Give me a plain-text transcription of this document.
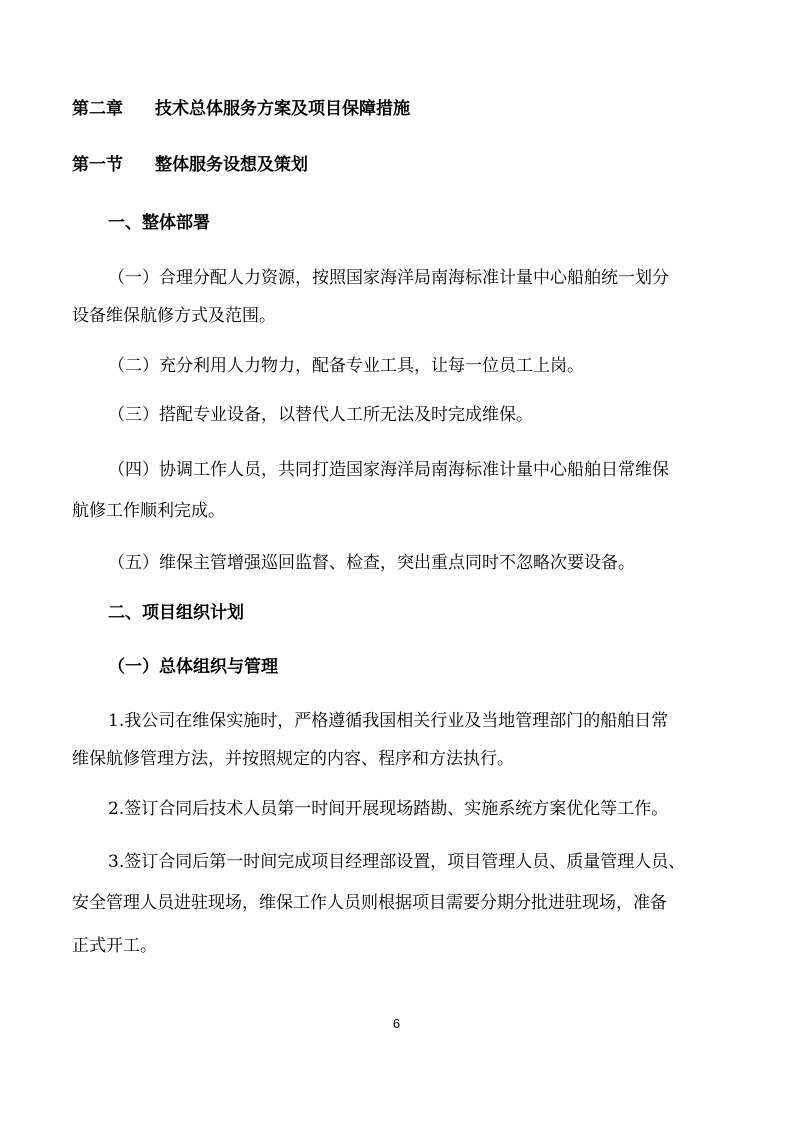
第二章 技术总体服务方案及项目保障措施
第一节 整体服务设想及策划
一、整体部署
（一）合理分配人力资源，按照国家海洋局南海标准计量中心船舶统一划分
设备维保航修方式及范围。
（二）充分利用人力物力，配备专业工具，让每一位员工上岗。
（三）搭配专业设备，以替代人工所无法及时完成维保。
（四）协调工作人员，共同打造国家海洋局南海标准计量中心船舶日常维保
航修工作顺利完成。
（五）维保主管增强巡回监督、检查，突出重点同时不忽略次要设备。
二、项目组织计划
（一）总体组织与管理
1.我公司在维保实施时，严格遵循我国相关行业及当地管理部门的船舶日常
维保航修管理方法，并按照规定的内容、程序和方法执行。
2.签订合同后技术人员第一时间开展现场踏勘、实施系统方案优化等工作。
3.签订合同后第一时间完成项目经理部设置，项目管理人员、质量管理人员、
安全管理人员进驻现场，维保工作人员则根据项目需要分期分批进驻现场，准备
正式开工。
6
